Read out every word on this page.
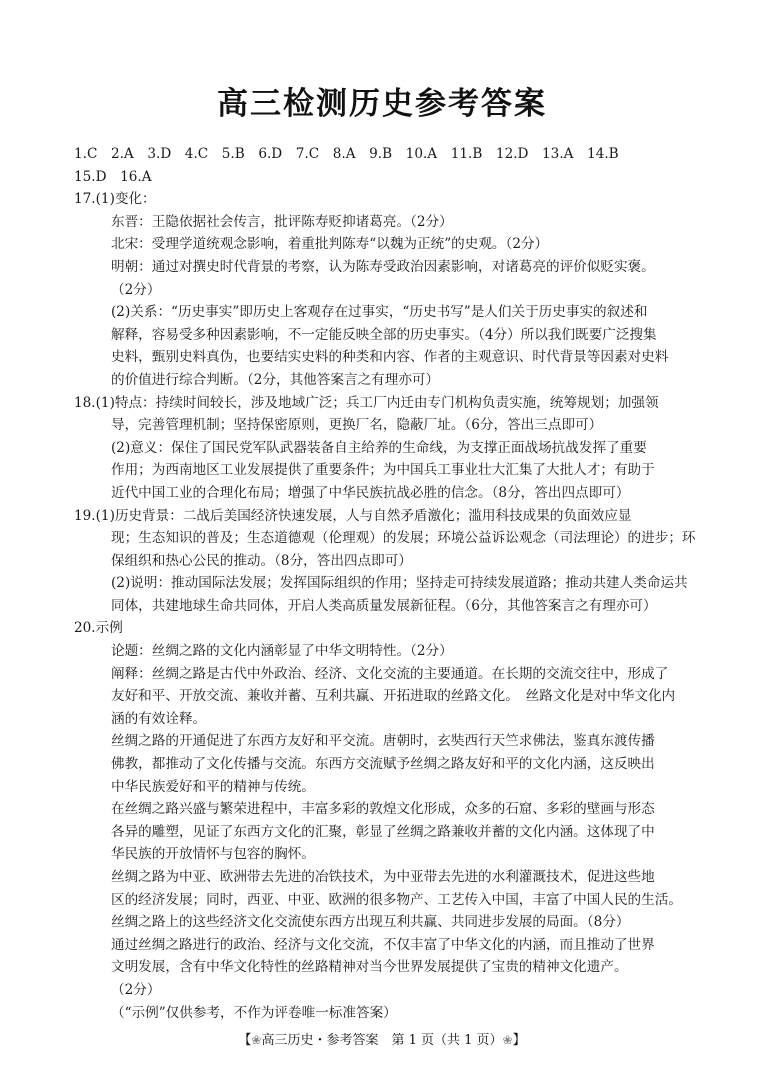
高三检测历史参考答案
1.C　2.A　3.D　4.C　5.B　6.D　7.C　8.A　9.B　10.A　11.B　12.D　13.A　14.B
15.D　16.A
17.(1)变化：
东晋：王隐依据社会传言，批评陈寿贬抑诸葛亮。（2分）
北宋：受理学道统观念影响，着重批判陈寿“以魏为正统”的史观。（2分）
明朝：通过对撰史时代背景的考察，认为陈寿受政治因素影响，对诸葛亮的评价似贬实褒。
（2分）
(2)关系：“历史事实”即历史上客观存在过事实，“历史书写”是人们关于历史事实的叙述和
解释，容易受多种因素影响，不一定能反映全部的历史事实。（4分）所以我们既要广泛搜集
史料，甄别史料真伪，也要结实史料的种类和内容、作者的主观意识、时代背景等因素对史料
的价值进行综合判断。（2分，其他答案言之有理亦可）
18.(1)特点：持续时间较长，涉及地域广泛；兵工厂内迁由专门机构负责实施，统筹规划；加强领
导，完善管理机制；坚持保密原则，更换厂名，隐蔽厂址。（6分，答出三点即可）
(2)意义：保住了国民党军队武器装备自主给养的生命线，为支撑正面战场抗战发挥了重要
作用；为西南地区工业发展提供了重要条件；为中国兵工事业壮大汇集了大批人才；有助于
近代中国工业的合理化布局；增强了中华民族抗战必胜的信念。（8分，答出四点即可）
19.(1)历史背景：二战后美国经济快速发展，人与自然矛盾激化；滥用科技成果的负面效应显
现；生态知识的普及；生态道德观（伦理观）的发展；环境公益诉讼观念（司法理论）的进步；环
保组织和热心公民的推动。（8分，答出四点即可）
(2)说明：推动国际法发展；发挥国际组织的作用；坚持走可持续发展道路；推动共建人类命运共
同体，共建地球生命共同体，开启人类高质量发展新征程。（6分，其他答案言之有理亦可）
20.示例
论题：丝绸之路的文化内涵彰显了中华文明特性。（2分）
阐释：丝绸之路是古代中外政治、经济、文化交流的主要通道。在长期的交流交往中，形成了
友好和平、开放交流、兼收并蓄、互利共赢、开拓进取的丝路文化。　丝路文化是对中华文化内
涵的有效诠释。
丝绸之路的开通促进了东西方友好和平交流。唐朝时，玄奘西行天竺求佛法，鉴真东渡传播
佛教，都推动了文化传播与交流。东西方交流赋予丝绸之路友好和平的文化内涵，这反映出
中华民族爱好和平的精神与传统。
在丝绸之路兴盛与繁荣进程中，丰富多彩的敦煌文化形成，众多的石窟、多彩的壁画与形态
各异的雕塑，见证了东西方文化的汇聚，彰显了丝绸之路兼收并蓄的文化内涵。这体现了中
华民族的开放情怀与包容的胸怀。
丝绸之路为中亚、欧洲带去先进的冶铁技术，为中亚带去先进的水利灌溉技术，促进这些地
区的经济发展；同时，西亚、中亚、欧洲的很多物产、工艺传入中国，丰富了中国人民的生活。
丝绸之路上的这些经济文化交流使东西方出现互利共赢、共同进步发展的局面。（8分）
通过丝绸之路进行的政治、经济与文化交流，不仅丰富了中华文化的内涵，而且推动了世界
文明发展，含有中华文化特性的丝路精神对当今世界发展提供了宝贵的精神文化遗产。
（2分）
（“示例”仅供参考，不作为评卷唯一标准答案）
【❀高三历史・参考答案　第 1 页（共 1 页）❀】
